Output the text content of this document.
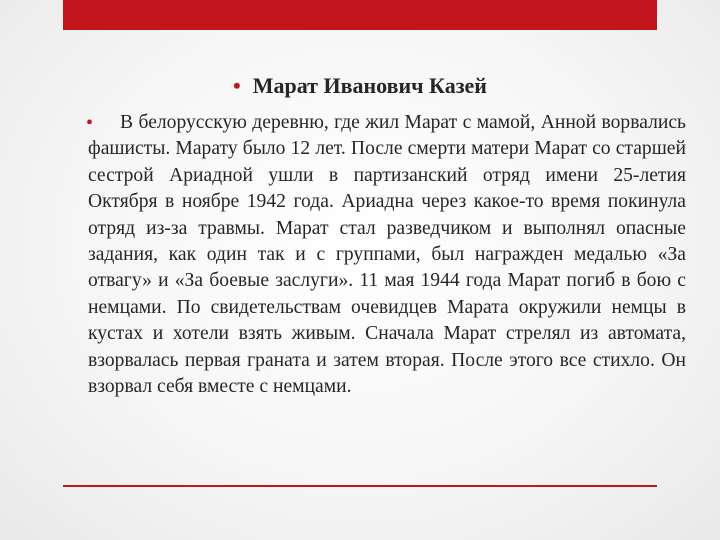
• Марат Иванович Казей

• В белорусскую деревню, где жил Марат с мамой, Анной ворвались фашисты. Марату было 12 лет. После смерти матери Марат со старшей сестрой Ариадной ушли в партизанский отряд имени 25-летия Октября в ноябре 1942 года. Ариадна через какое-то время покинула отряд из-за травмы. Марат стал разведчиком и выполнял опасные задания, как один так и с группами, был награжден медалью «За отвагу» и «За боевые заслуги». 11 мая 1944 года Марат погиб в бою с немцами. По свидетельствам очевидцев Марата окружили немцы в кустах и хотели взять живым. Сначала Марат стрелял из автомата, взорвалась первая граната и затем вторая. После этого все стихло. Он взорвал себя вместе с немцами.
